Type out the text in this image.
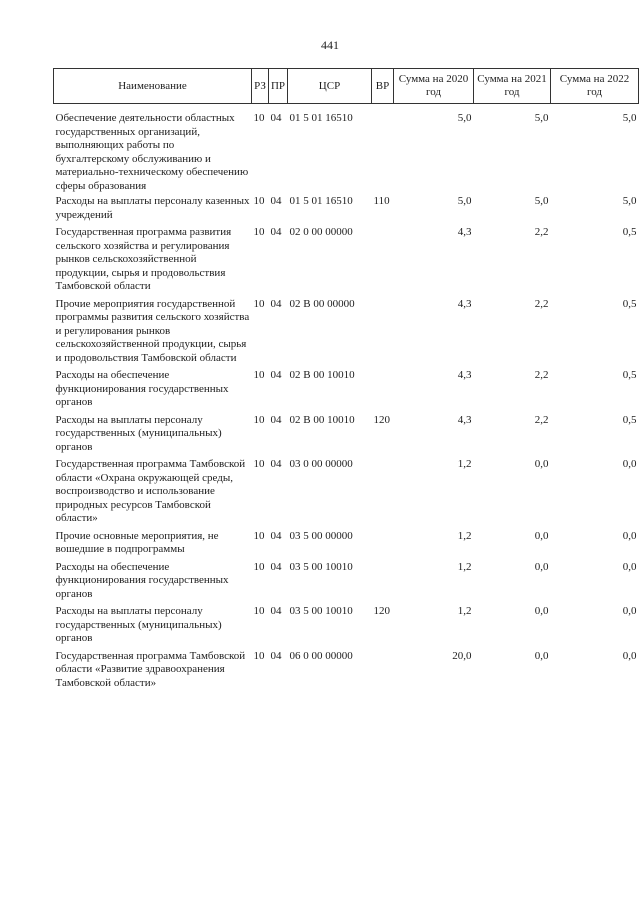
441
Наименование	РЗ	ПР	ЦСР	ВР	Сумма на 2020 год	Сумма на 2021 год	Сумма на 2022 год
Обеспечение деятельности областных государственных организаций, выполняющих работы по бухгалтерскому обслуживанию и материально-техническому обеспечению сферы образования	10	04	01 5 01 16510		5,0	5,0	5,0
Расходы на выплаты персоналу казенных учреждений	10	04	01 5 01 16510	110	5,0	5,0	5,0
Государственная программа развития сельского хозяйства и регулирования рынков сельскохозяйственной продукции, сырья и продовольствия Тамбовской области	10	04	02 0 00 00000		4,3	2,2	0,5
Прочие мероприятия государственной программы развития сельского хозяйства и регулирования рынков сельскохозяйственной продукции, сырья и продовольствия Тамбовской области	10	04	02 В 00 00000		4,3	2,2	0,5
Расходы на обеспечение функционирования государственных органов	10	04	02 В 00 10010		4,3	2,2	0,5
Расходы на выплаты персоналу государственных (муниципальных) органов	10	04	02 В 00 10010	120	4,3	2,2	0,5
Государственная программа Тамбовской области «Охрана окружающей среды, воспроизводство и использование природных ресурсов Тамбовской области»	10	04	03 0 00 00000		1,2	0,0	0,0
Прочие основные мероприятия, не вошедшие в подпрограммы	10	04	03 5 00 00000		1,2	0,0	0,0
Расходы на обеспечение функционирования государственных органов	10	04	03 5 00 10010		1,2	0,0	0,0
Расходы на выплаты персоналу государственных (муниципальных) органов	10	04	03 5 00 10010	120	1,2	0,0	0,0
Государственная программа Тамбовской области «Развитие здравоохранения Тамбовской области»	10	04	06 0 00 00000		20,0	0,0	0,0
